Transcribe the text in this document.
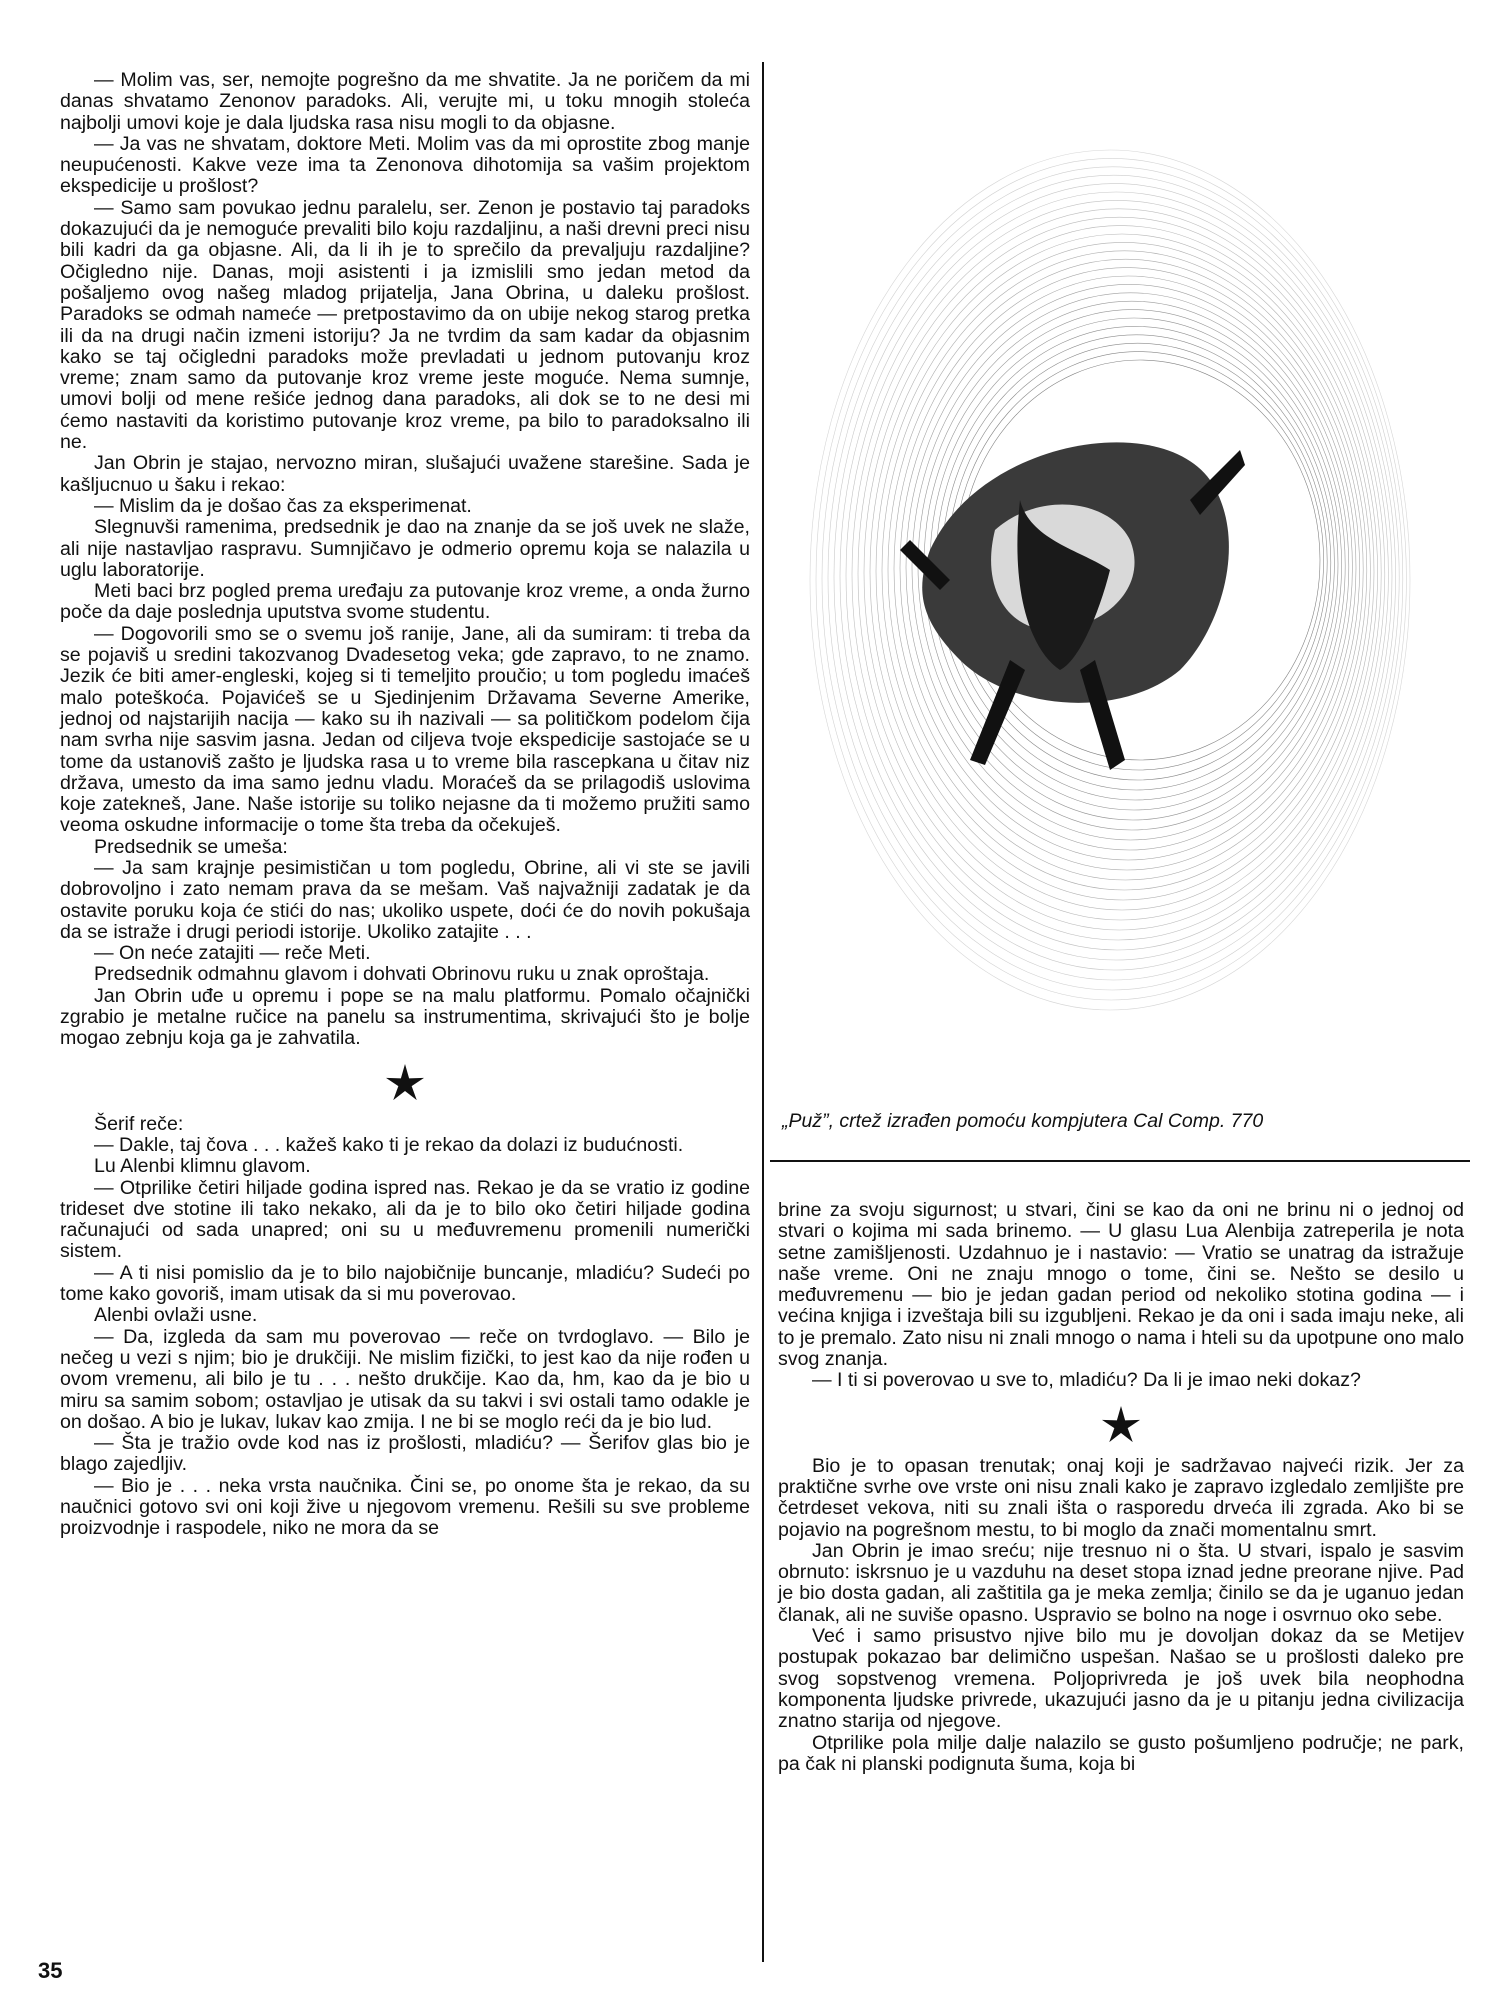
— Molim vas, ser, nemojte pogrešno da me shvatite. Ja ne poričem da mi danas shvatamo Zenonov paradoks. Ali, verujte mi, u toku mnogih stoleća najbolji umovi koje je dala ljudska rasa nisu mogli to da objasne.

— Ja vas ne shvatam, doktore Meti. Molim vas da mi oprostite zbog manje neupućenosti. Kakve veze ima ta Zenonova dihotomija sa vašim projektom ekspedicije u prošlost?

— Samo sam povukao jednu paralelu, ser. Zenon je postavio taj paradoks dokazujući da je nemoguće prevaliti bilo koju razdaljinu, a naši drevni preci nisu bili kadri da ga objasne. Ali, da li ih je to sprečilo da prevaljuju razdaljine? Očigledno nije. Danas, moji asistenti i ja izmislili smo jedan metod da pošaljemo ovog našeg mladog prijatelja, Jana Obrina, u daleku prošlost. Paradoks se odmah nameće — pretpostavimo da on ubije nekog starog pretka ili da na drugi način izmeni istoriju? Ja ne tvrdim da sam kadar da objasnim kako se taj očigledni paradoks može prevladati u jednom putovanju kroz vreme; znam samo da putovanje kroz vreme jeste moguće. Nema sumnje, umovi bolji od mene rešiće jednog dana paradoks, ali dok se to ne desi mi ćemo nastaviti da koristimo putovanje kroz vreme, pa bilo to paradoksalno ili ne.

Jan Obrin je stajao, nervozno miran, slušajući uvažene starešine. Sada je kašljucnuo u šaku i rekao:

— Mislim da je došao čas za eksperimenat.

Slegnuvši ramenima, predsednik je dao na znanje da se još uvek ne slaže, ali nije nastavljao raspravu. Sumnjičavo je odmerio opremu koja se nalazila u uglu laboratorije.

Meti baci brz pogled prema uređaju za putovanje kroz vreme, a onda žurno poče da daje poslednja uputstva svome studentu.

— Dogovorili smo se o svemu još ranije, Jane, ali da sumiram: ti treba da se pojaviš u sredini takozvanog Dvadesetog veka; gde zapravo, to ne znamo. Jezik će biti amer-engleski, kojeg si ti temeljito proučio; u tom pogledu imaćeš malo poteškoća. Pojavićeš se u Sjedinjenim Državama Severne Amerike, jednoj od najstarijih nacija — kako su ih nazivali — sa političkom podelom čija nam svrha nije sasvim jasna. Jedan od ciljeva tvoje ekspedicije sastojaće se u tome da ustanoviš zašto je ljudska rasa u to vreme bila rascepkana u čitav niz država, umesto da ima samo jednu vladu. Moraćeš da se prilagodiš uslovima koje zatekneš, Jane. Naše istorije su toliko nejasne da ti možemo pružiti samo veoma oskudne informacije o tome šta treba da očekuješ.

Predsednik se umeša:

— Ja sam krajnje pesimističan u tom pogledu, Obrine, ali vi ste se javili dobrovoljno i zato nemam prava da se mešam. Vaš najvažniji zadatak je da ostavite poruku koja će stići do nas; ukoliko uspete, doći će do novih pokušaja da se istraže i drugi periodi istorije. Ukoliko zatajite . . .

— On neće zatajiti — reče Meti.

Predsednik odmahnu glavom i dohvati Obrinovu ruku u znak oproštaja.

Jan Obrin uđe u opremu i pope se na malu platformu. Pomalo očajnički zgrabio je metalne ručice na panelu sa instrumentima, skrivajući što je bolje mogao zebnju koja ga je zahvatila.

Šerif reče:

— Dakle, taj čova . . . kažeš kako ti je rekao da dolazi iz budućnosti.

Lu Alenbi klimnu glavom.

— Otprilike četiri hiljade godina ispred nas. Rekao je da se vratio iz godine trideset dve stotine ili tako nekako, ali da je to bilo oko četiri hiljade godina računajući od sada unapred; oni su u međuvremenu promenili numerički sistem.

— A ti nisi pomislio da je to bilo najobičnije buncanje, mladiću? Sudeći po tome kako govoriš, imam utisak da si mu poverovao.

Alenbi ovlaži usne.

— Da, izgleda da sam mu poverovao — reče on tvrdoglavo. — Bilo je nečeg u vezi s njim; bio je drukčiji. Ne mislim fizički, to jest kao da nije rođen u ovom vremenu, ali bilo je tu . . . nešto drukčije. Kao da, hm, kao da je bio u miru sa samim sobom; ostavljao je utisak da su takvi i svi ostali tamo odakle je on došao. A bio je lukav, lukav kao zmija. I ne bi se moglo reći da je bio lud.

— Šta je tražio ovde kod nas iz prošlosti, mladiću? — Šerifov glas bio je blago zajedljiv.

— Bio je . . . neka vrsta naučnika. Čini se, po onome šta je rekao, da su naučnici gotovo svi oni koji žive u njegovom vremenu. Rešili su sve probleme proizvodnje i raspodele, niko ne mora da se

„Puž”, crtež izrađen pomoću kompjutera Cal Comp. 770

brine za svoju sigurnost; u stvari, čini se kao da oni ne brinu ni o jednoj od stvari o kojima mi sada brinemo. — U glasu Lua Alenbija zatreperila je nota setne zamišljenosti. Uzdahnuo je i nastavio: — Vratio se unatrag da istražuje naše vreme. Oni ne znaju mnogo o tome, čini se. Nešto se desilo u međuvremenu — bio je jedan gadan period od nekoliko stotina godina — i većina knjiga i izveštaja bili su izgubljeni. Rekao je da oni i sada imaju neke, ali to je premalo. Zato nisu ni znali mnogo o nama i hteli su da upotpune ono malo svog znanja.

— I ti si poverovao u sve to, mladiću? Da li je imao neki dokaz?

Bio je to opasan trenutak; onaj koji je sadržavao najveći rizik. Jer za praktične svrhe ove vrste oni nisu znali kako je zapravo izgledalo zemljište pre četrdeset vekova, niti su znali išta o rasporedu drveća ili zgrada. Ako bi se pojavio na pogrešnom mestu, to bi moglo da znači momentalnu smrt.

Jan Obrin je imao sreću; nije tresnuo ni o šta. U stvari, ispalo je sasvim obrnuto: iskrsnuo je u vazduhu na deset stopa iznad jedne preorane njive. Pad je bio dosta gadan, ali zaštitila ga je meka zemlja; činilo se da je uganuo jedan članak, ali ne suviše opasno. Uspravio se bolno na noge i osvrnuo oko sebe.

Već i samo prisustvo njive bilo mu je dovoljan dokaz da se Metijev postupak pokazao bar delimično uspešan. Našao se u prošlosti daleko pre svog sopstvenog vremena. Poljoprivreda je još uvek bila neophodna komponenta ljudske privrede, ukazujući jasno da je u pitanju jedna civilizacija znatno starija od njegove.

Otprilike pola milje dalje nalazilo se gusto pošumljeno područje; ne park, pa čak ni planski podignuta šuma, koja bi

35
